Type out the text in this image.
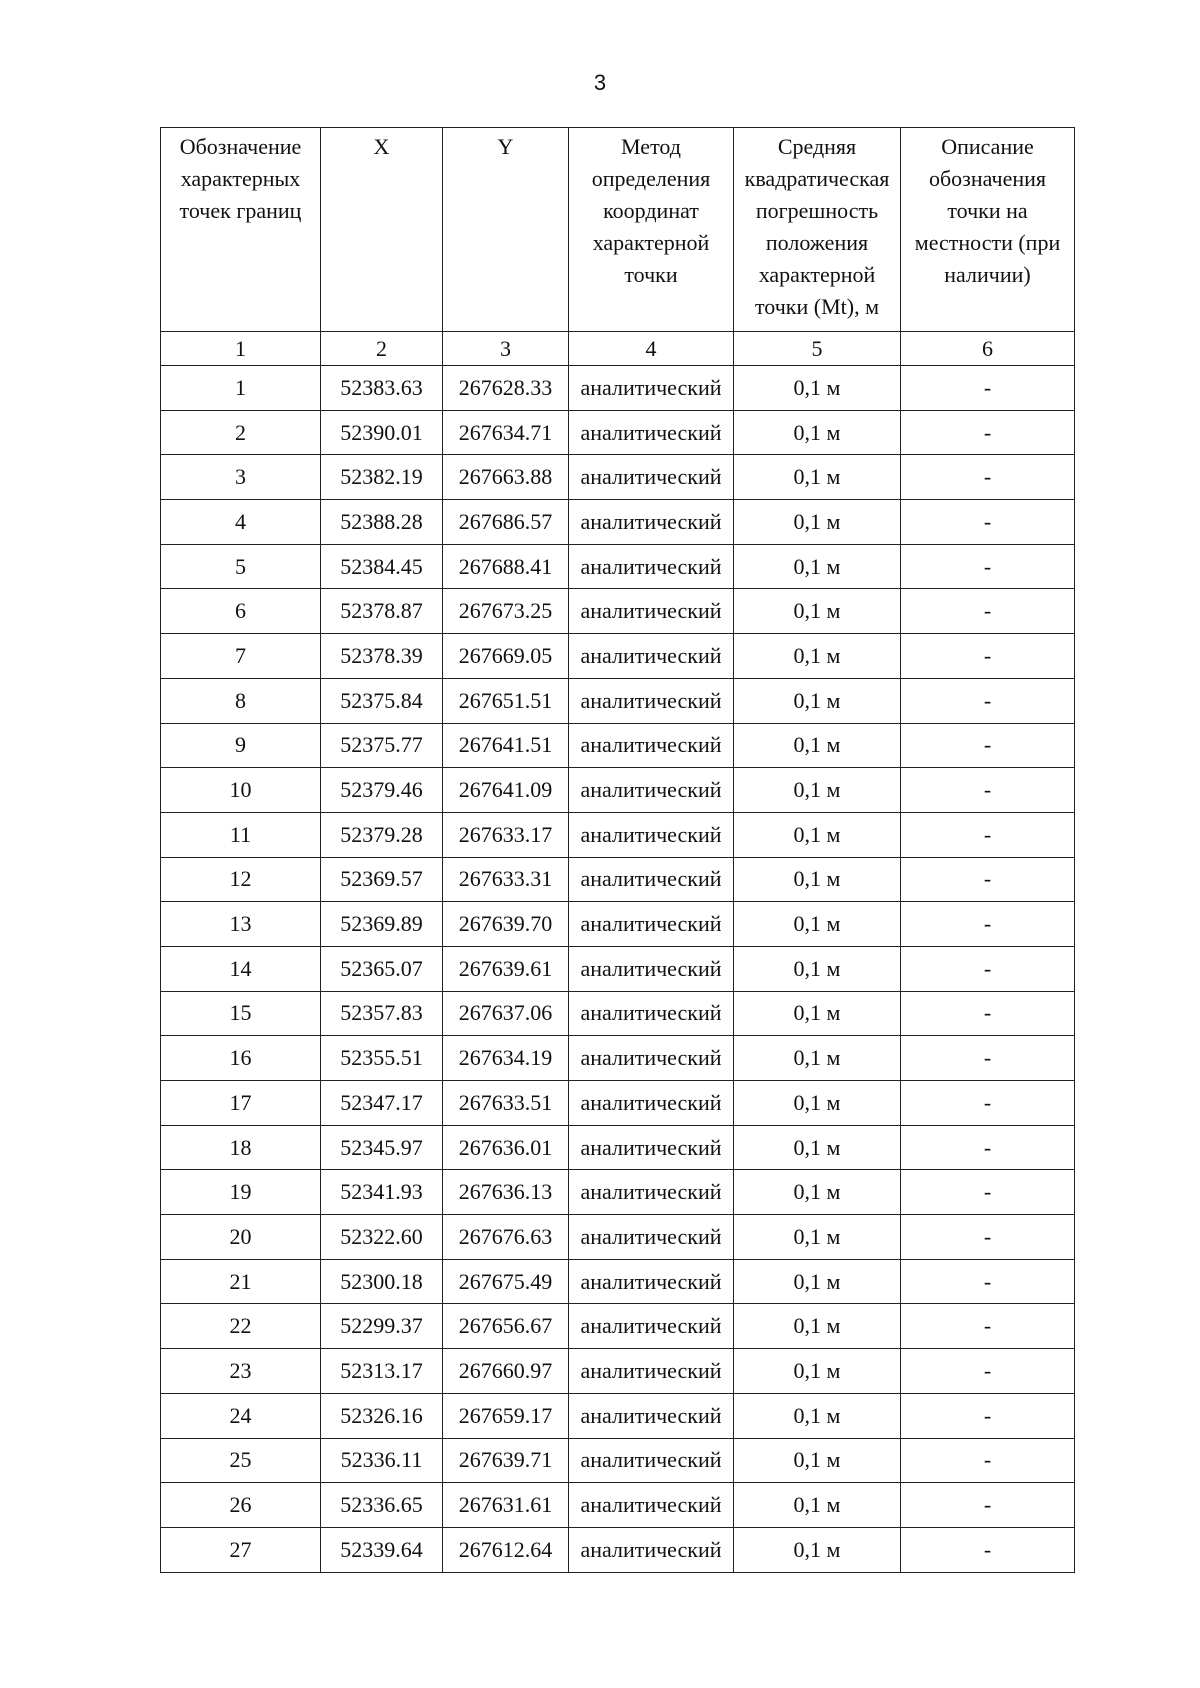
3
Обозначение характерных точек границ	X	Y	Метод определения координат характерной точки	Средняя квадратическая погрешность положения характерной точки (Mt), м	Описание обозначения точки на местности (при наличии)
1	2	3	4	5	6
1	52383.63	267628.33	аналитический	0,1 м	-
2	52390.01	267634.71	аналитический	0,1 м	-
3	52382.19	267663.88	аналитический	0,1 м	-
4	52388.28	267686.57	аналитический	0,1 м	-
5	52384.45	267688.41	аналитический	0,1 м	-
6	52378.87	267673.25	аналитический	0,1 м	-
7	52378.39	267669.05	аналитический	0,1 м	-
8	52375.84	267651.51	аналитический	0,1 м	-
9	52375.77	267641.51	аналитический	0,1 м	-
10	52379.46	267641.09	аналитический	0,1 м	-
11	52379.28	267633.17	аналитический	0,1 м	-
12	52369.57	267633.31	аналитический	0,1 м	-
13	52369.89	267639.70	аналитический	0,1 м	-
14	52365.07	267639.61	аналитический	0,1 м	-
15	52357.83	267637.06	аналитический	0,1 м	-
16	52355.51	267634.19	аналитический	0,1 м	-
17	52347.17	267633.51	аналитический	0,1 м	-
18	52345.97	267636.01	аналитический	0,1 м	-
19	52341.93	267636.13	аналитический	0,1 м	-
20	52322.60	267676.63	аналитический	0,1 м	-
21	52300.18	267675.49	аналитический	0,1 м	-
22	52299.37	267656.67	аналитический	0,1 м	-
23	52313.17	267660.97	аналитический	0,1 м	-
24	52326.16	267659.17	аналитический	0,1 м	-
25	52336.11	267639.71	аналитический	0,1 м	-
26	52336.65	267631.61	аналитический	0,1 м	-
27	52339.64	267612.64	аналитический	0,1 м	-
